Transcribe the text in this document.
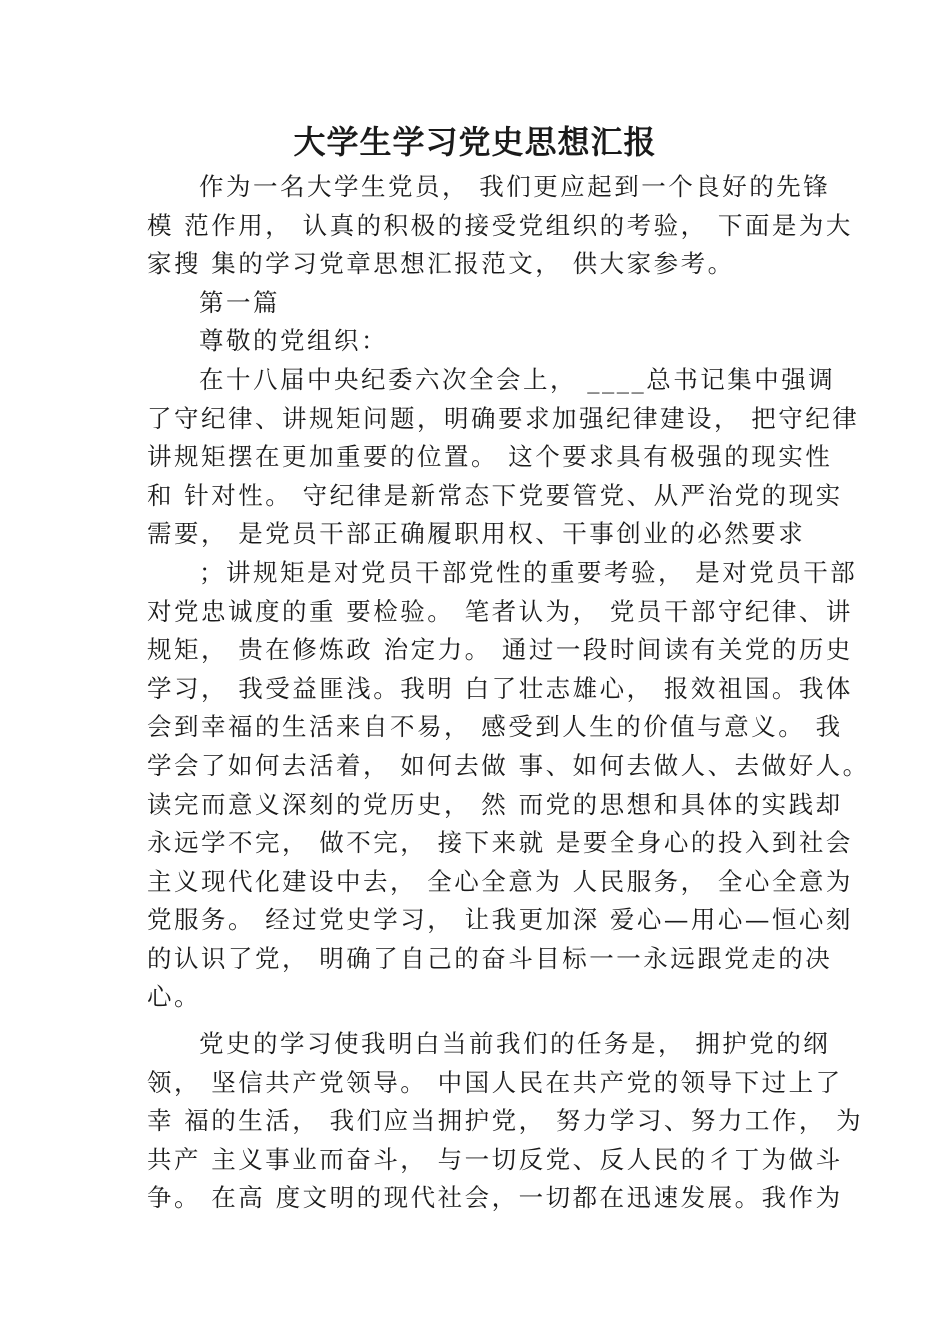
大学生学习党史思想汇报
作为一名大学生党员， 我们更应起到一个良好的先锋
模 范作用， 认真的积极的接受党组织的考验， 下面是为大
家搜 集的学习党章思想汇报范文， 供大家参考。
第一篇
尊敬的党组织：
在十八届中央纪委六次全会上， ____总书记集中强调
了守纪律、讲规矩问题，明确要求加强纪律建设， 把守纪律
讲规矩摆在更加重要的位置。 这个要求具有极强的现实性
和 针对性。 守纪律是新常态下党要管党、从严治党的现实
需要， 是党员干部正确履职用权、干事创业的必然要求
；讲规矩是对党员干部党性的重要考验， 是对党员干部
对党忠诚度的重 要检验。 笔者认为， 党员干部守纪律、讲
规矩， 贵在修炼政 治定力。 通过一段时间读有关党的历史
学习， 我受益匪浅。我明 白了壮志雄心， 报效祖国。我体
会到幸福的生活来自不易， 感受到人生的价值与意义。 我
学会了如何去活着， 如何去做 事、如何去做人、去做好人。
读完而意义深刻的党历史， 然 而党的思想和具体的实践却
永远学不完， 做不完， 接下来就 是要全身心的投入到社会
主义现代化建设中去， 全心全意为 人民服务， 全心全意为
党服务。 经过党史学习， 让我更加深 爱心—用心—恒心刻
的认识了党， 明确了自己的奋斗目标一一永远跟党走的决
心。
党史的学习使我明白当前我们的任务是， 拥护党的纲
领， 坚信共产党领导。 中国人民在共产党的领导下过上了
幸 福的生活， 我们应当拥护党， 努力学习、努力工作， 为
共产 主义事业而奋斗， 与一切反党、反人民的彳丁为做斗
争。 在高 度文明的现代社会，一切都在迅速发展。我作为
